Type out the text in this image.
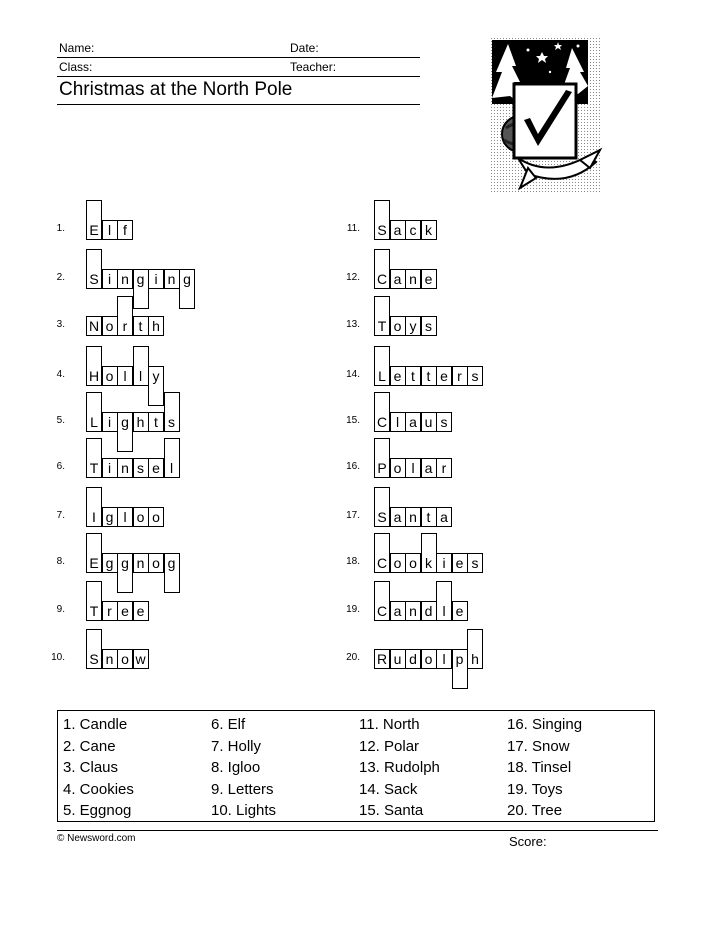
Name:	Date:
Class:	Teacher:
Christmas at the North Pole
1. E l f
2. S i n g i n g
3. N o r t h
4. H o l l y
5. L i g h t s
6. T i n s e l
7.	I g l o o
8. E g g n o g
9. T r e e
10. S n o w
11. S a c k
12. C a n e
13. T o y s
14. L e t t e r s
15. C l a u s
16. P o l a r
17. S a n t a
18. C o o k i e s
19. C a n d l e
20. R u d o l p h
1. Candle
2. Cane
3. Claus
4. Cookies
5. Eggnog
6. Elf
7. Holly
8. Igloo
9. Letters
10. Lights
11. North
12. Polar
13. Rudolph
14. Sack
15. Santa
16. Singing
17. Snow
18. Tinsel
19. Toys
20. Tree
© Newsword.com	Score:
